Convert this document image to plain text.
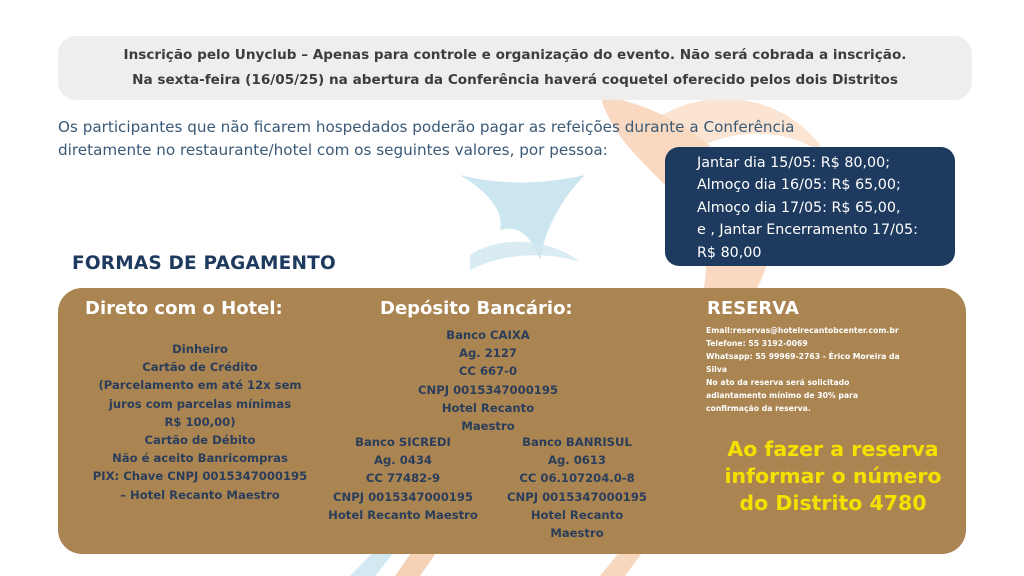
Inscrição pelo Unyclub – Apenas para controle e organização do evento. Não será cobrada a inscrição.
Na sexta-feira (16/05/25) na abertura da Conferência haverá coquetel oferecido pelos dois Distritos
Os participantes que não ficarem hospedados poderão pagar as refeições durante a Conferência
diretamente no restaurante/hotel com os seguintes valores, por pessoa:
Jantar dia 15/05: R$ 80,00;
Almoço dia 16/05: R$ 65,00;
Almoço dia 17/05: R$ 65,00,
e , Jantar Encerramento 17/05:
R$ 80,00
FORMAS DE PAGAMENTO
Direto com o Hotel:
Dinheiro
Cartão de Crédito
(Parcelamento em até 12x sem
juros com parcelas mínimas
R$ 100,00)
Cartão de Débito
Não é aceito Banricompras
PIX: Chave CNPJ 0015347000195
– Hotel Recanto Maestro
Depósito Bancário:
Banco CAIXA
Ag. 2127
CC 667-0
CNPJ 0015347000195
Hotel Recanto
Maestro
Banco SICREDI
Ag. 0434
CC 77482-9
CNPJ 0015347000195
Hotel Recanto Maestro
Banco BANRISUL
Ag. 0613
CC 06.107204.0-8
CNPJ 0015347000195
Hotel Recanto
Maestro
RESERVA
Email:reservas@hotelrecantobcenter.com.br
Telefone: 55 3192-0069
Whatsapp: 55 99969-2763 - Érico Moreira da
Silva
No ato da reserva será solicitado
adiantamento mínimo de 30% para
confirmação da reserva.
Ao fazer a reserva
informar o número
do Distrito 4780
